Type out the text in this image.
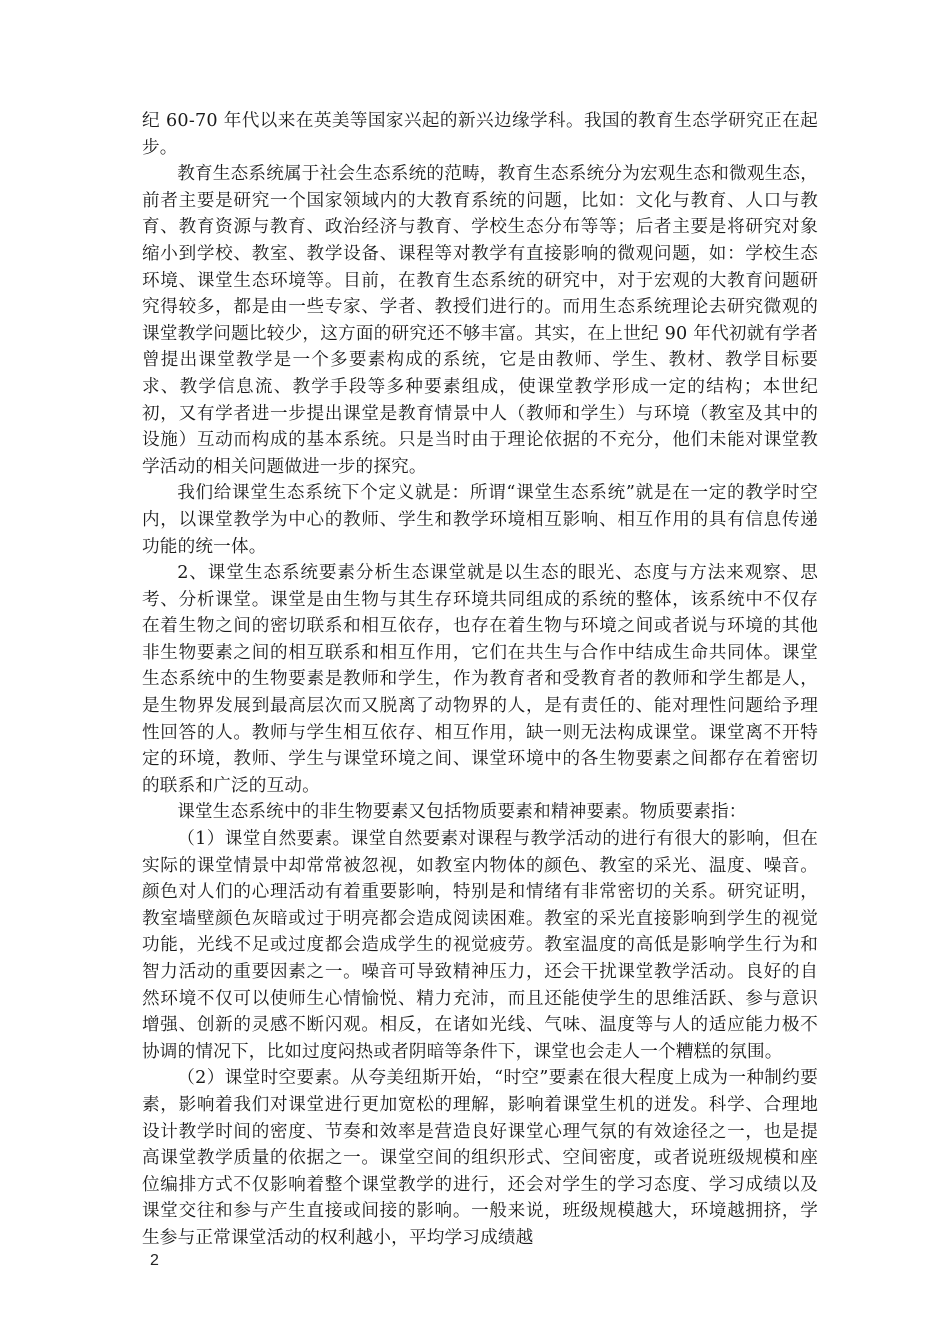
纪 60-70 年代以来在英美等国家兴起的新兴边缘学科。我国的教育生态学研究正在起步。

教育生态系统属于社会生态系统的范畴，教育生态系统分为宏观生态和微观生态，前者主要是研究一个国家领域内的大教育系统的问题，比如：文化与教育、人口与教育、教育资源与教育、政治经济与教育、学校生态分布等等；后者主要是将研究对象缩小到学校、教室、教学设备、课程等对教学有直接影响的微观问题，如：学校生态环境、课堂生态环境等。目前，在教育生态系统的研究中，对于宏观的大教育问题研究得较多，都是由一些专家、学者、教授们进行的。而用生态系统理论去研究微观的课堂教学问题比较少，这方面的研究还不够丰富。其实，在上世纪 90 年代初就有学者曾提出课堂教学是一个多要素构成的系统，它是由教师、学生、教材、教学目标要求、教学信息流、教学手段等多种要素组成，使课堂教学形成一定的结构；本世纪初，又有学者进一步提出课堂是教育情景中人（教师和学生）与环境（教室及其中的设施）互动而构成的基本系统。只是当时由于理论依据的不充分，他们未能对课堂教学活动的相关问题做进一步的探究。

我们给课堂生态系统下个定义就是：所谓“课堂生态系统”就是在一定的教学时空内，以课堂教学为中心的教师、学生和教学环境相互影响、相互作用的具有信息传递功能的统一体。

2、课堂生态系统要素分析生态课堂就是以生态的眼光、态度与方法来观察、思考、分析课堂。课堂是由生物与其生存环境共同组成的系统的整体，该系统中不仅存在着生物之间的密切联系和相互依存，也存在着生物与环境之间或者说与环境的其他非生物要素之间的相互联系和相互作用，它们在共生与合作中结成生命共同体。课堂生态系统中的生物要素是教师和学生，作为教育者和受教育者的教师和学生都是人，是生物界发展到最高层次而又脱离了动物界的人，是有责任的、能对理性问题给予理性回答的人。教师与学生相互依存、相互作用，缺一则无法构成课堂。课堂离不开特定的环境，教师、学生与课堂环境之间、课堂环境中的各生物要素之间都存在着密切的联系和广泛的互动。

课堂生态系统中的非生物要素又包括物质要素和精神要素。物质要素指：

（1）课堂自然要素。课堂自然要素对课程与教学活动的进行有很大的影响，但在实际的课堂情景中却常常被忽视，如教室内物体的颜色、教室的采光、温度、噪音。颜色对人们的心理活动有着重要影响，特别是和情绪有非常密切的关系。研究证明，教室墙壁颜色灰暗或过于明亮都会造成阅读困难。教室的采光直接影响到学生的视觉功能，光线不足或过度都会造成学生的视觉疲劳。教室温度的高低是影响学生行为和智力活动的重要因素之一。噪音可导致精神压力，还会干扰课堂教学活动。良好的自然环境不仅可以使师生心情愉悦、精力充沛，而且还能使学生的思维活跃、参与意识增强、创新的灵感不断闪观。相反，在诸如光线、气味、温度等与人的适应能力极不协调的情况下，比如过度闷热或者阴暗等条件下，课堂也会走人一个糟糕的氛围。

（2）课堂时空要素。从夸美纽斯开始，“时空”要素在很大程度上成为一种制约要素，影响着我们对课堂进行更加宽松的理解，影响着课堂生机的迸发。科学、合理地设计教学时间的密度、节奏和效率是营造良好课堂心理气氛的有效途径之一，也是提高课堂教学质量的依据之一。课堂空间的组织形式、空间密度，或者说班级规模和座位编排方式不仅影响着整个课堂教学的进行，还会对学生的学习态度、学习成绩以及课堂交往和参与产生直接或间接的影响。一般来说，班级规模越大，环境越拥挤，学生参与正常课堂活动的权利越小，平均学习成绩越

2
